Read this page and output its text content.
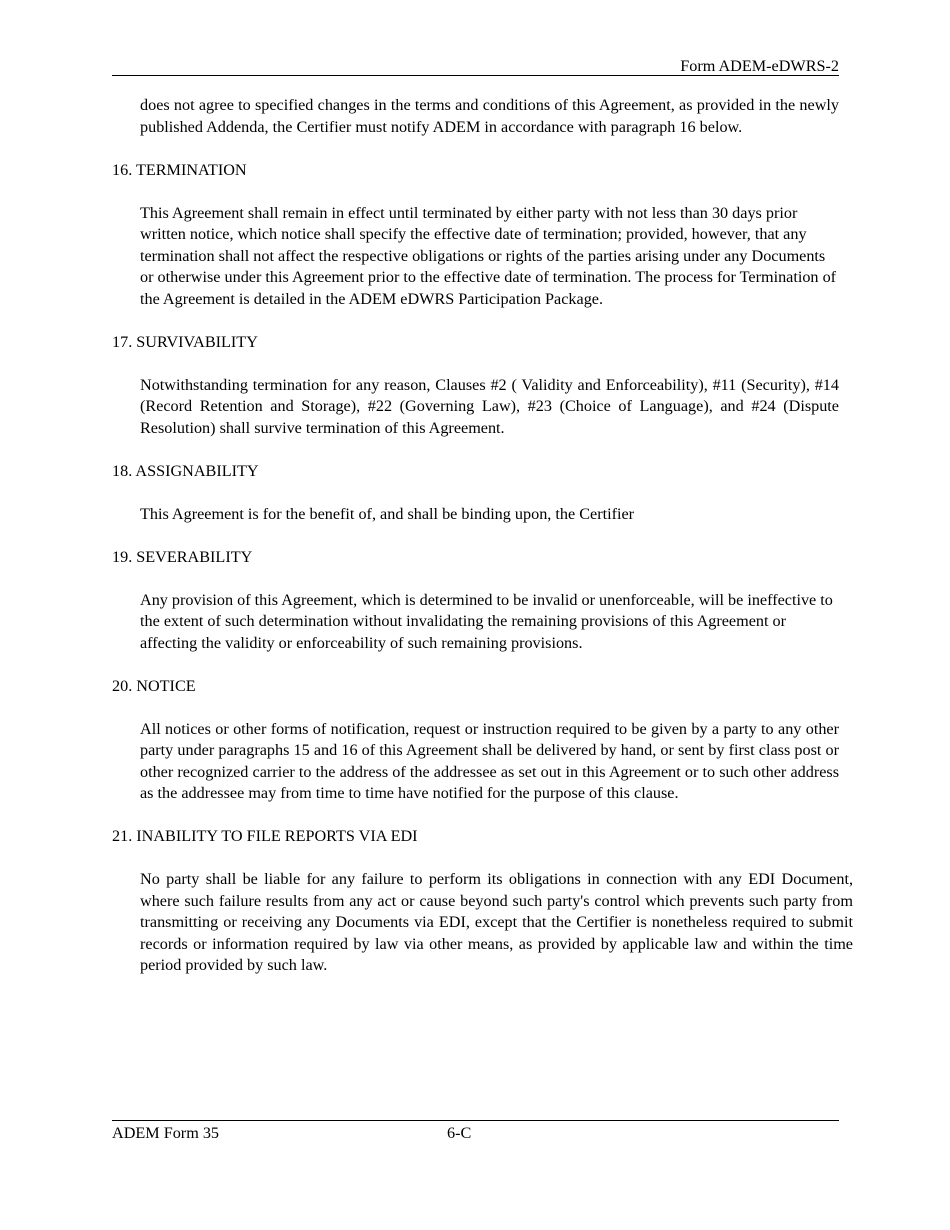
Form ADEM-eDWRS-2

does not agree to specified changes in the terms and conditions of this Agreement, as provided in the newly published Addenda, the Certifier must notify ADEM in accordance with paragraph 16 below.

16. TERMINATION

This Agreement shall remain in effect until terminated by either party with not less than 30 days prior written notice, which notice shall specify the effective date of termination; provided, however, that any termination shall not affect the respective obligations or rights of the parties arising under any Documents or otherwise under this Agreement prior to the effective date of termination. The process for Termination of the Agreement is detailed in the ADEM eDWRS Participation Package.

17. SURVIVABILITY

Notwithstanding termination for any reason, Clauses #2 ( Validity and Enforceability), #11 (Security), #14 (Record Retention and Storage), #22 (Governing Law), #23 (Choice of Language), and #24 (Dispute Resolution) shall survive termination of this Agreement.

18. ASSIGNABILITY

This Agreement is for the benefit of, and shall be binding upon, the Certifier

19. SEVERABILITY

Any provision of this Agreement, which is determined to be invalid or unenforceable, will be ineffective to the extent of such determination without invalidating the remaining provisions of this Agreement or affecting the validity or enforceability of such remaining provisions.

20. NOTICE

All notices or other forms of notification, request or instruction required to be given by a party to any other party under paragraphs 15 and 16 of this Agreement shall be delivered by hand, or sent by first class post or other recognized carrier to the address of the addressee as set out in this Agreement or to such other address as the addressee may from time to time have notified for the purpose of this clause.

21. INABILITY TO FILE REPORTS VIA EDI

No party shall be liable for any failure to perform its obligations in connection with any EDI Document, where such failure results from any act or cause beyond such party's control which prevents such party from transmitting or receiving any Documents via EDI, except that the Certifier is nonetheless required to submit records or information required by law via other means, as provided by applicable law and within the time period provided by such law.

ADEM Form 35	6-C
